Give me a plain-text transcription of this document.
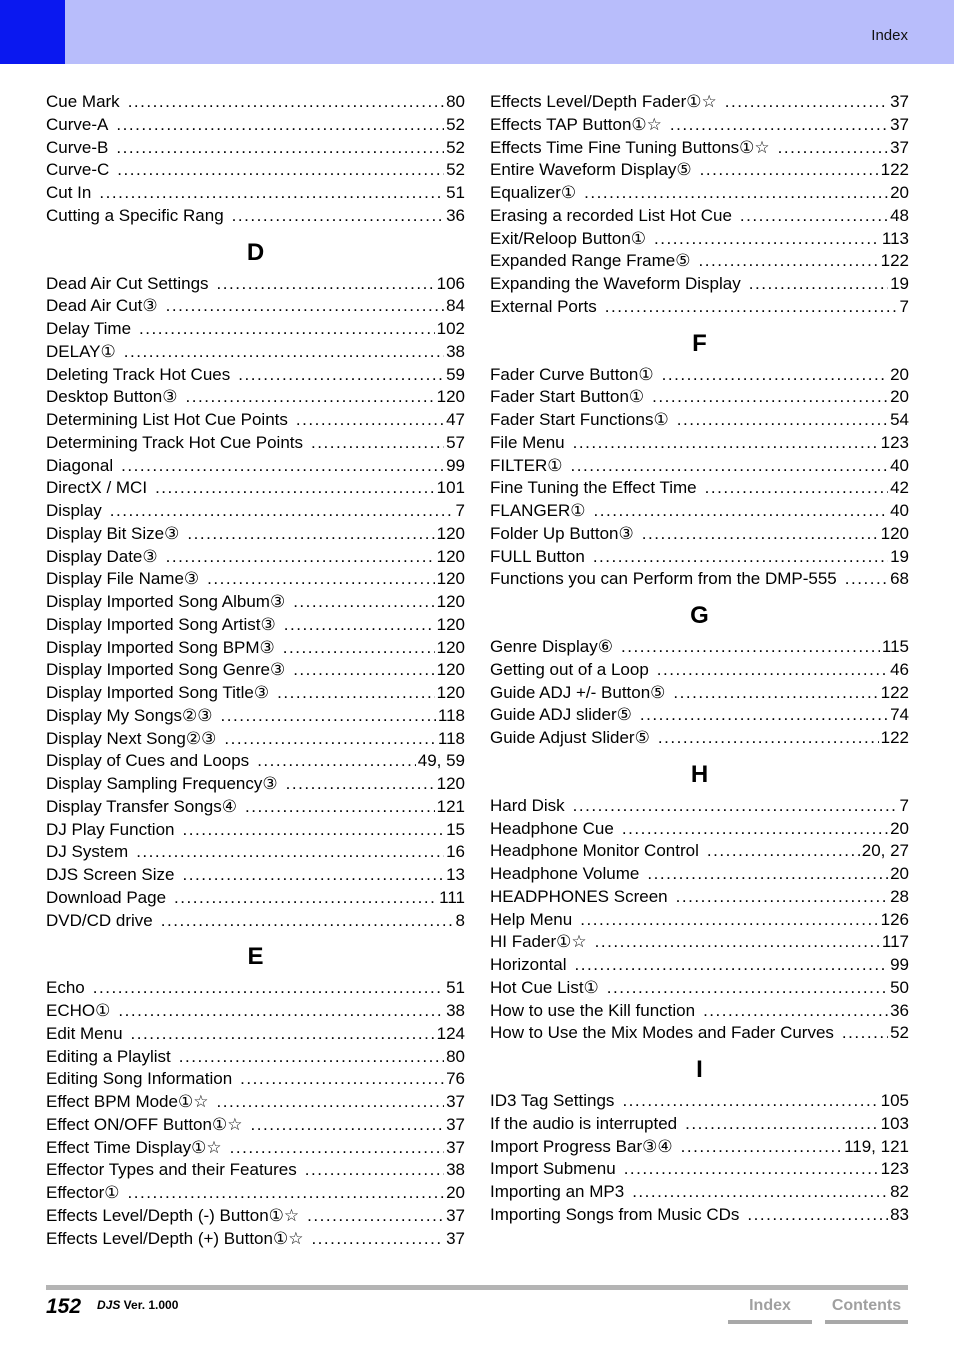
Index
Cue Mark . . .	80
Curve-A . . .	52
Curve-B . . .	52
Curve-C . . .	52
Cut In . . .	51
Cutting a Specific Rang . . .	36
D
Dead Air Cut Settings . . .	106
Dead Air Cut③ . . .	84
Delay Time . . .	102
DELAY① . . .	38
Deleting Track Hot Cues . . .	59
Desktop Button③ . . .	120
Determining List Hot Cue Points . . .	47
Determining Track Hot Cue Points . . .	57
Diagonal . . .	99
DirectX / MCI . . .	101
Display . . .	7
Display Bit Size③ . . .	120
Display Date③ . . .	120
Display File Name③ . . .	120
Display Imported Song Album③ . . .	120
Display Imported Song Artist③ . . .	120
Display Imported Song BPM③ . . .	120
Display Imported Song Genre③ . . .	120
Display Imported Song Title③ . . .	120
Display My Songs②③ . . .	118
Display Next Song②③ . . .	118
Display of Cues and Loops . . .	49, 59
Display Sampling Frequency③ . . .	120
Display Transfer Songs④ . . .	121
DJ Play Function . . .	15
DJ System . . .	16
DJS Screen Size . . .	13
Download Page . . .	111
DVD/CD drive . . .	8
E
Echo . . .	51
ECHO① . . .	38
Edit Menu . . .	124
Editing a Playlist . . .	80
Editing Song Information . . .	76
Effect BPM Mode①☆ . . .	37
Effect ON/OFF Button①☆ . . .	37
Effect Time Display①☆ . . .	37
Effector Types and their Features . . .	38
Effector① . . .	20
Effects Level/Depth (-) Button①☆ . . .	37
Effects Level/Depth (+) Button①☆ . . .	37
Effects Level/Depth Fader①☆ . . .	37
Effects TAP Button①☆ . . .	37
Effects Time Fine Tuning Buttons①☆ . . .	37
Entire Waveform Display⑤ . . .	122
Equalizer① . . .	20
Erasing a recorded List Hot Cue . . .	48
Exit/Reloop Button① . . .	113
Expanded Range Frame⑤ . . .	122
Expanding the Waveform Display . . .	19
External Ports . . .	7
F
Fader Curve Button① . . .	20
Fader Start Button① . . .	20
Fader Start Functions① . . .	54
File Menu . . .	123
FILTER① . . .	40
Fine Tuning the Effect Time . . .	42
FLANGER① . . .	40
Folder Up Button③ . . .	120
FULL Button . . .	19
Functions you can Perform from the DMP-555 . . .	68
G
Genre Display⑥ . . .	115
Getting out of a Loop . . .	46
Guide ADJ +/- Button⑤ . . .	122
Guide ADJ slider⑤ . . .	74
Guide Adjust Slider⑤ . . .	122
H
Hard Disk . . .	7
Headphone Cue . . .	20
Headphone Monitor Control . . .	20, 27
Headphone Volume . . .	20
HEADPHONES Screen . . .	28
Help Menu . . .	126
HI Fader①☆ . . .	117
Horizontal . . .	99
Hot Cue List① . . .	50
How to use the Kill function . . .	36
How to Use the Mix Modes and Fader Curves . . .	52
I
ID3 Tag Settings . . .	105
If the audio is interrupted . . .	103
Import Progress Bar③④ . . .	119, 121
Import Submenu . . .	123
Importing an MP3 . . .	82
Importing Songs from Music CDs . . .	83
152 DJS Ver. 1.000	Index	Contents
